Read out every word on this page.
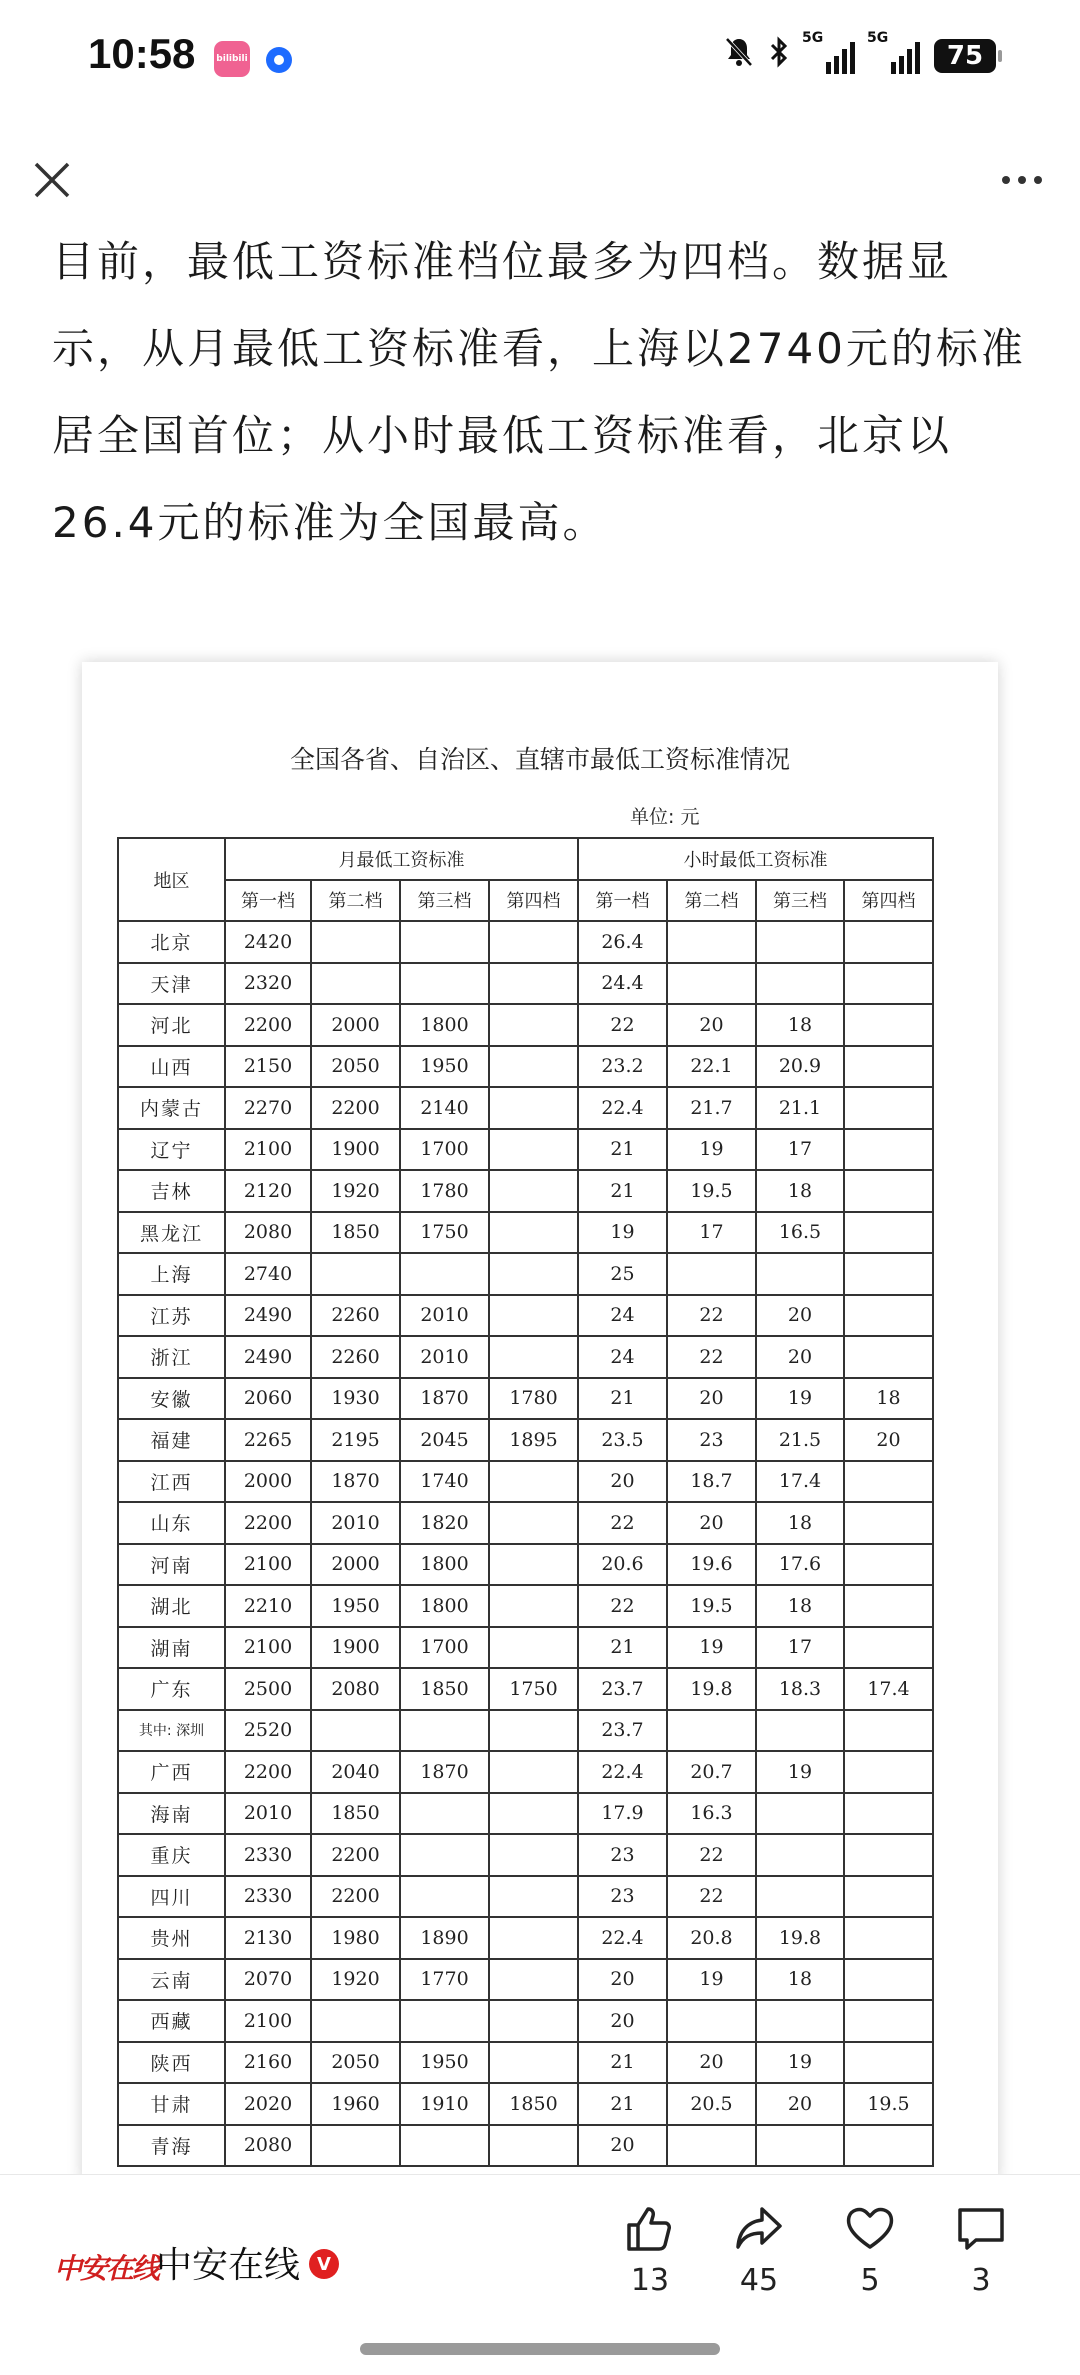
10:58 bilibili
5G	5G
75

目前，最低工资标准档位最多为四档。数据显示，从月最低工资标准看，上海以2740元的标准居全国首位；从小时最低工资标准看，北京以26.4元的标准为全国最高。

全国各省、自治区、直辖市最低工资标准情况
单位: 元
地区	月最低工资标准				小时最低工资标准			
	第一档	第二档	第三档	第四档	第一档	第二档	第三档	第四档
北京	2420				26.4			
天津	2320				24.4			
河北	2200	2000	1800		22	20	18	
山西	2150	2050	1950		23.2	22.1	20.9	
内蒙古	2270	2200	2140		22.4	21.7	21.1	
辽宁	2100	1900	1700		21	19	17	
吉林	2120	1920	1780		21	19.5	18	
黑龙江	2080	1850	1750		19	17	16.5	
上海	2740				25			
江苏	2490	2260	2010		24	22	20	
浙江	2490	2260	2010		24	22	20	
安徽	2060	1930	1870	1780	21	20	19	18
福建	2265	2195	2045	1895	23.5	23	21.5	20
江西	2000	1870	1740		20	18.7	17.4	
山东	2200	2010	1820		22	20	18	
河南	2100	2000	1800		20.6	19.6	17.6	
湖北	2210	1950	1800		22	19.5	18	
湖南	2100	1900	1700		21	19	17	
广东	2500	2080	1850	1750	23.7	19.8	18.3	17.4
其中: 深圳	2520				23.7			
广西	2200	2040	1870		22.4	20.7	19	
海南	2010	1850			17.9	16.3		
重庆	2330	2200			23	22		
四川	2330	2200			23	22		
贵州	2130	1980	1890		22.4	20.8	19.8	
云南	2070	1920	1770		20	19	18	
西藏	2100				20			
陕西	2160	2050	1950		21	20	19	
甘肃	2020	1960	1910	1850	21	20.5	20	19.5
青海	2080				20			
中安在线
中安在线 V	13	45	5	3
